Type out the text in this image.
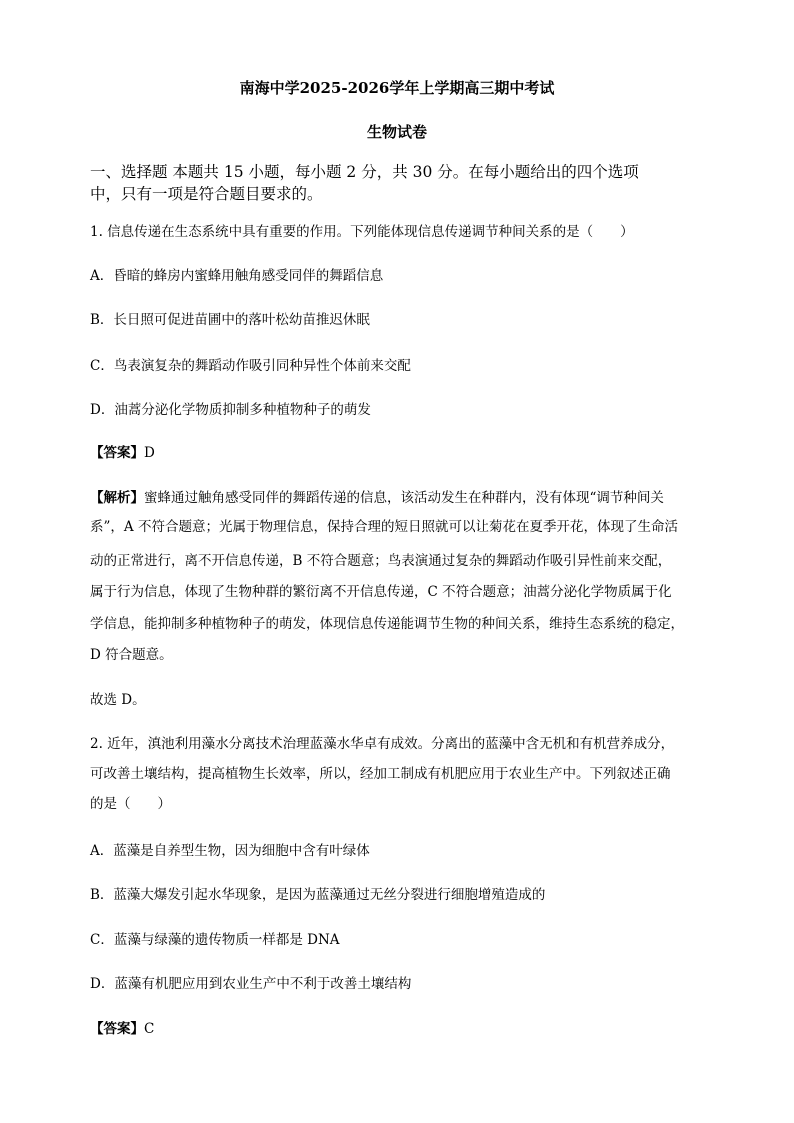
南海中学2025-2026学年上学期高三期中考试
生物试卷
一、选择题 本题共 15 小题，每小题 2 分，共 30 分。在每小题给出的四个选项
中，只有一项是符合题目要求的。
1. 信息传递在生态系统中具有重要的作用。下列能体现信息传递调节种间关系的是（　　）
A．昏暗的蜂房内蜜蜂用触角感受同伴的舞蹈信息
B．长日照可促进苗圃中的落叶松幼苗推迟休眠
C．鸟表演复杂的舞蹈动作吸引同种异性个体前来交配
D．油蒿分泌化学物质抑制多种植物种子的萌发
【答案】D
【解析】蜜蜂通过触角感受同伴的舞蹈传递的信息，该活动发生在种群内，没有体现“调节种间关
系”，A 不符合题意；光属于物理信息，保持合理的短日照就可以让菊花在夏季开花，体现了生命活
动的正常进行，离不开信息传递，B 不符合题意；鸟表演通过复杂的舞蹈动作吸引异性前来交配，
属于行为信息，体现了生物种群的繁衍离不开信息传递，C 不符合题意；油蒿分泌化学物质属于化
学信息，能抑制多种植物种子的萌发，体现信息传递能调节生物的种间关系，维持生态系统的稳定，
D 符合题意。
故选 D。
2. 近年，滇池利用藻水分离技术治理蓝藻水华卓有成效。分离出的蓝藻中含无机和有机营养成分，
可改善土壤结构，提高植物生长效率，所以，经加工制成有机肥应用于农业生产中。下列叙述正确
的是（　　）
A．蓝藻是自养型生物，因为细胞中含有叶绿体
B．蓝藻大爆发引起水华现象，是因为蓝藻通过无丝分裂进行细胞增殖造成的
C．蓝藻与绿藻的遗传物质一样都是 DNA
D．蓝藻有机肥应用到农业生产中不利于改善土壤结构
【答案】C
